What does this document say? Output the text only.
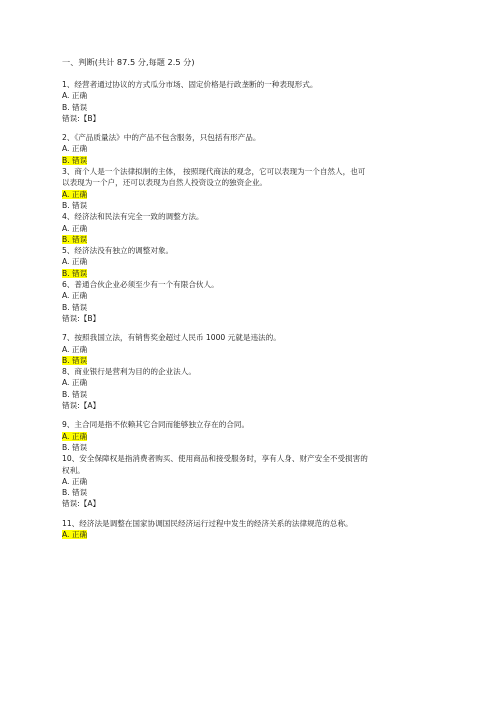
一、判断(共计 87.5 分,每题 2.5 分)
1、经营者通过协议的方式瓜分市场、固定价格是行政垄断的一种表现形式。
A. 正确
B. 错误
错误:【B】
2、《产品质量法》中的产品不包含服务，只包括有形产品。
A. 正确
B. 错误
3、商个人是一个法律拟制的主体， 按照现代商法的观念，它可以表现为一个自然人，也可
以表现为一个户，还可以表现为自然人投资设立的独资企业。
A. 正确
B. 错误
4、经济法和民法有完全一致的调整方法。
A. 正确
B. 错误
5、经济法没有独立的调整对象。
A. 正确
B. 错误
6、普通合伙企业必须至少有一个有限合伙人。
A. 正确
B. 错误
错误:【B】
7、按照我国立法，有销售奖金超过人民币 1000 元就是违法的。
A. 正确
B. 错误
8、商业银行是营利为目的的企业法人。
A. 正确
B. 错误
错误:【A】
9、主合同是指不依赖其它合同而能够独立存在的合同。
A. 正确
B. 错误
10、安全保障权是指消费者购买、使用商品和接受服务时，享有人身、财产安全不受损害的
权利。
A. 正确
B. 错误
错误:【A】
11、经济法是调整在国家协调国民经济运行过程中发生的经济关系的法律规范的总称。
A. 正确
